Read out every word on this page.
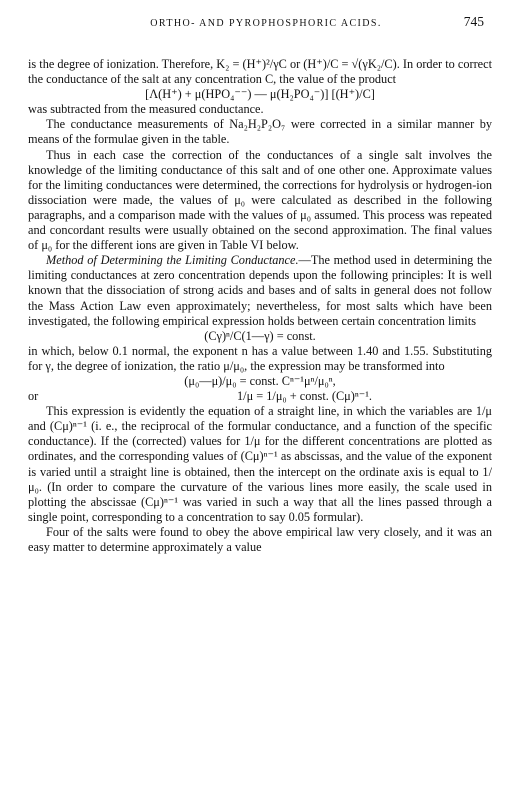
ORTHO- AND PYROPHOSPHORIC ACIDS.	745

is the degree of ionization. Therefore, K₂ = (H⁺)²/γC or (H⁺)/C = √(γK₂/C). In order to correct the conductance of the salt at any concentration C, the value of the product

[Λ(H⁺) + μ(HPO₄⁻⁻) — μ(H₂PO₄⁻)] [(H⁺)/C]

was subtracted from the measured conductance.

The conductance measurements of Na₂H₂P₂O₇ were corrected in a similar manner by means of the formulae given in the table.

Thus in each case the correction of the conductances of a single salt involves the knowledge of the limiting conductance of this salt and of one other one. Approximate values for the limiting conductances were determined, the corrections for hydrolysis or hydrogen-ion dissociation were made, the values of μ₀ were calculated as described in the following paragraphs, and a comparison made with the values of μ₀ assumed. This process was repeated and concordant results were usually obtained on the second approximation. The final values of μ₀ for the different ions are given in Table VI below.

Method of Determining the Limiting Conductance.—The method used in determining the limiting conductances at zero concentration depends upon the following principles: It is well known that the dissociation of strong acids and bases and of salts in general does not follow the Mass Action Law even approximately; nevertheless, for most salts which have been investigated, the following empirical expression holds between certain concentration limits

(Cγ)ⁿ/C(1—γ) = const.

in which, below 0.1 normal, the exponent n has a value between 1.40 and 1.55. Substituting for γ, the degree of ionization, the ratio μ/μ₀, the expression may be transformed into

(μ₀—μ)/μ₀ = const. Cⁿ⁻¹μⁿ/μ₀ⁿ,

or	1/μ = 1/μ₀ + const. (Cμ)ⁿ⁻¹.

This expression is evidently the equation of a straight line, in which the variables are 1/μ and (Cμ)ⁿ⁻¹ (i. e., the reciprocal of the formular conductance, and a function of the specific conductance). If the (corrected) values for 1/μ for the different concentrations are plotted as ordinates, and the corresponding values of (Cμ)ⁿ⁻¹ as abscissas, and the value of the exponent is varied until a straight line is obtained, then the intercept on the ordinate axis is equal to 1/μ₀. (In order to compare the curvature of the various lines more easily, the scale used in plotting the abscissae (Cμ)ⁿ⁻¹ was varied in such a way that all the lines passed through a single point, corresponding to a concentration to say 0.05 formular).

Four of the salts were found to obey the above empirical law very closely, and it was an easy matter to determine approximately a value
